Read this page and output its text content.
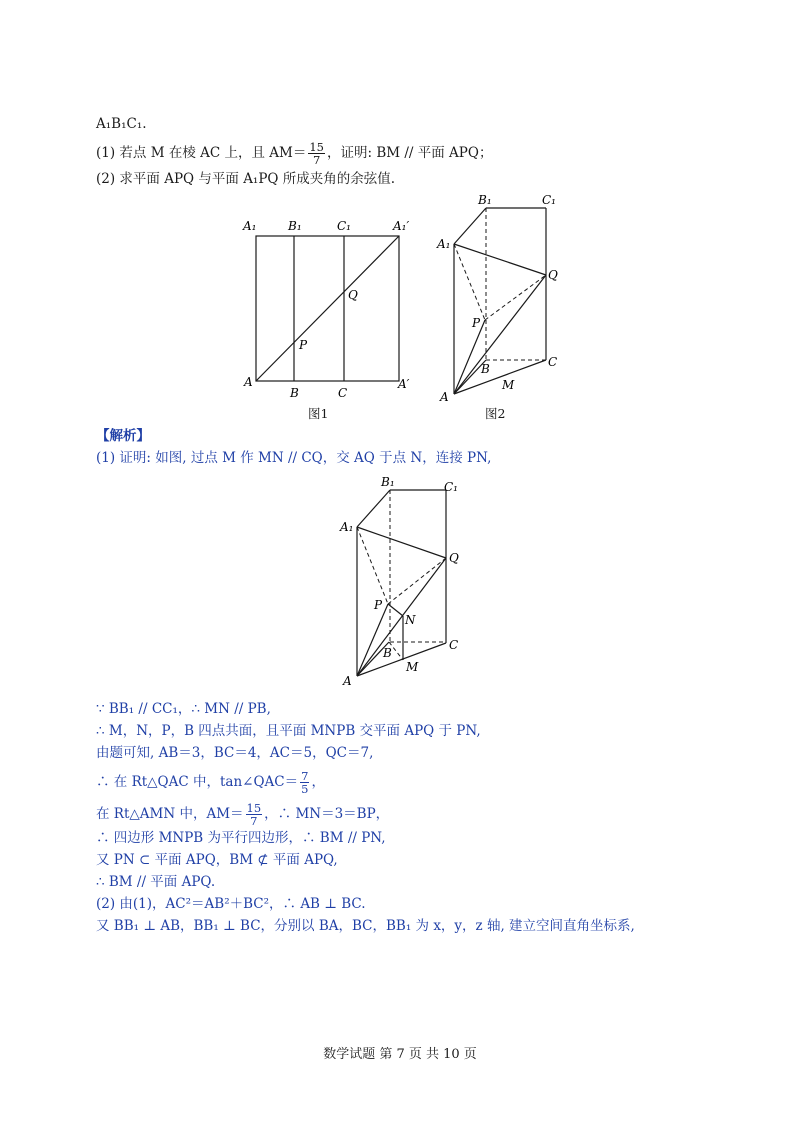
A₁B₁C₁.
(1) 若点 M 在棱 AC 上，且 $AM= \frac{15}{7}$ ，证明: BM // 平面 APQ；
(2) 求平面 APQ 与平面 A₁PQ 所成夹角的余弦值.
A₁	B₁	C₁	A₁′
A
B	C
A′
P
Q
图1
B₁	C₁
A₁
Q
P
B	C
A
M
图2
【解析】
(1) 证明: 如图, 过点 M 作 MN // CQ，交 AQ 于点 N，连接 PN,
B₁	C₁
A₁
Q
P
N
B
C
A
M
∵ BB₁ // CC₁，∴ MN // PB,
∴ M，N，P，B 四点共面，且平面 MNPB 交平面 APQ 于 PN,
由题可知, AB＝3，BC＝4，AC＝5，QC＝7,
∴ 在 Rt△QAC 中，tan∠QAC＝ $\frac{7}{5}$ ，
在 Rt△AMN 中，$AM= \frac{15}{7}$ ，∴ MN＝3＝BP，
∴ 四边形 MNPB 为平行四边形，∴ BM // PN,
又 PN ⊂ 平面 APQ，BM ⊄ 平面 APQ,
∴ BM // 平面 APQ.
(2) 由(1)，AC²＝AB²＋BC²，∴ AB ⊥ BC.
又 BB₁ ⊥ AB，BB₁ ⊥ BC，分别以 BA，BC，BB₁ 为 x，y，z 轴, 建立空间直角坐标系,
数学试题 第 7 页 共 10 页
